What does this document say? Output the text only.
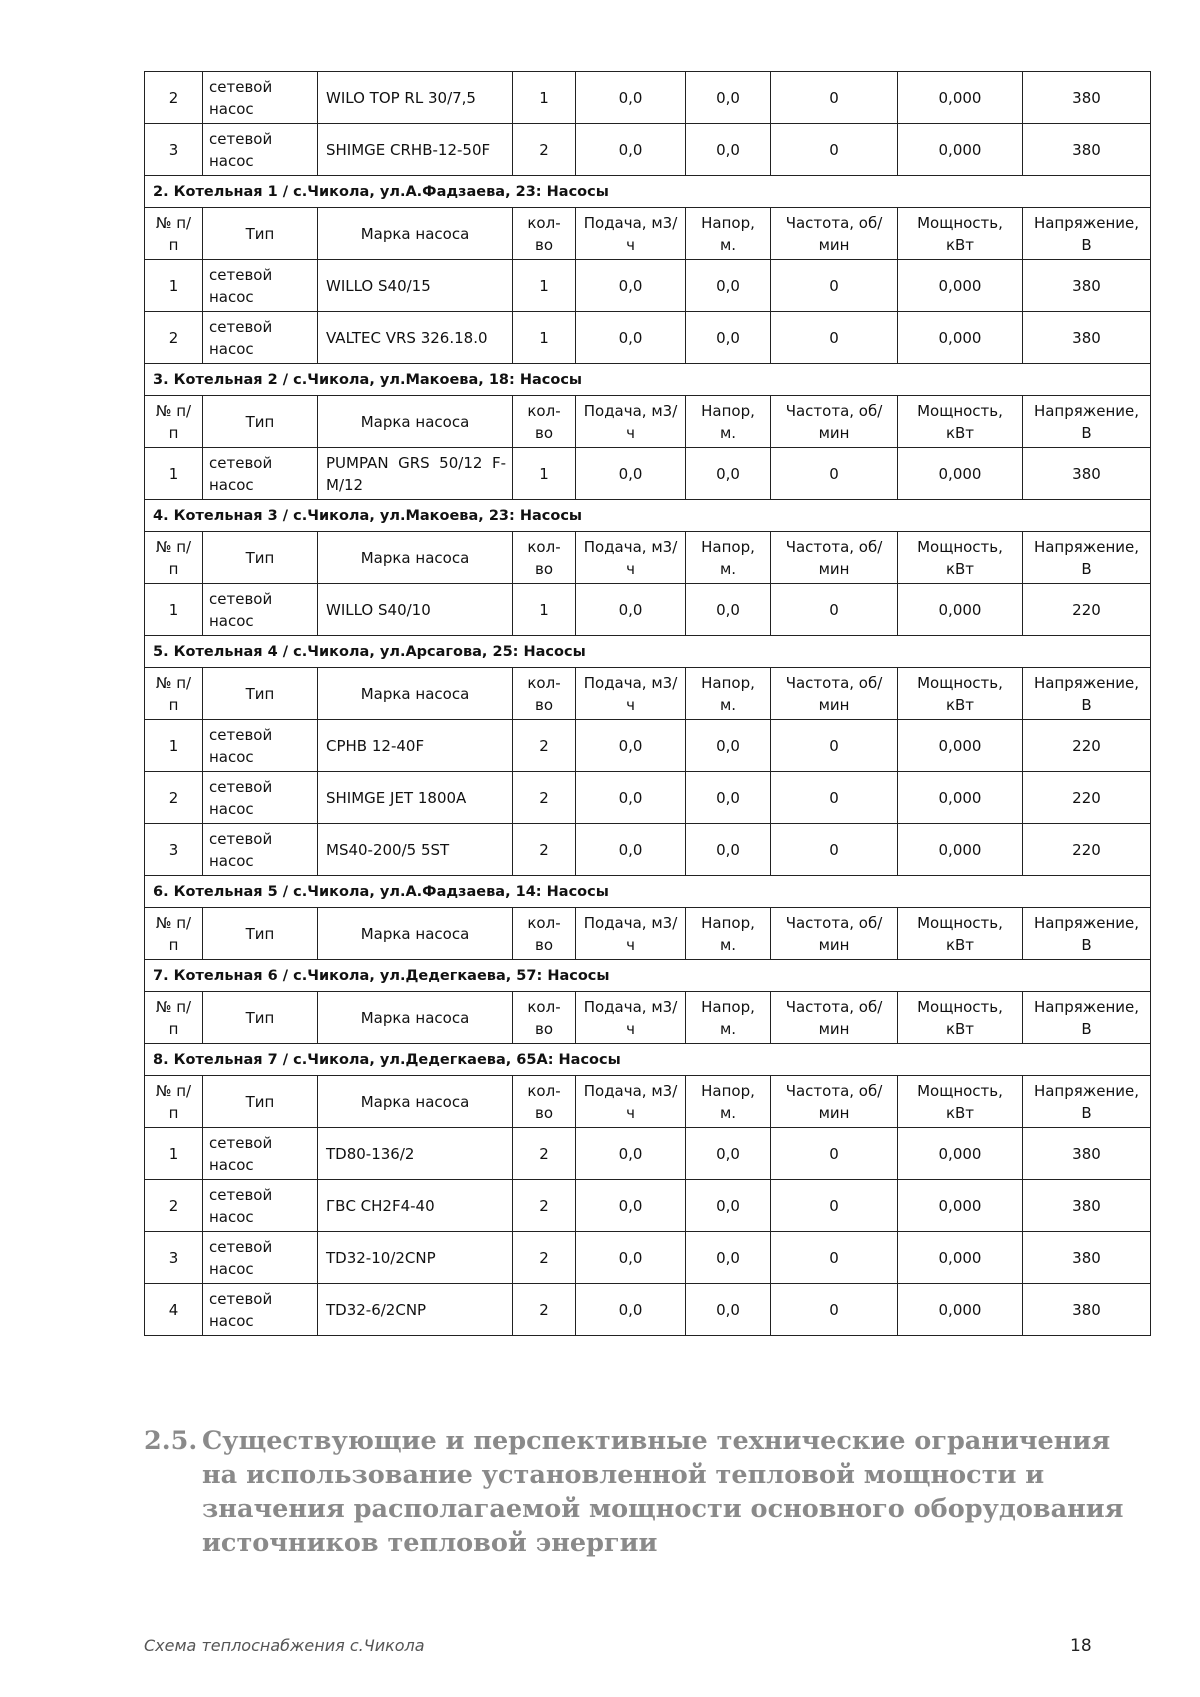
2	сетевой насос	WILO TOP RL 30/7,5	1	0,0	0,0	0	0,000	380
3	сетевой насос	SHIMGE CRHB-12-50F	2	0,0	0,0	0	0,000	380
2. Котельная 1 / с.Чикола, ул.А.Фадзаева, 23: Насосы								
№ п/п	Тип	Марка насоса	кол-во	Подача, м3/ч	Напор, м.	Частота, об/мин	Мощность, кВт	Напряжение, В
1	сетевой насос	WILLO S40/15	1	0,0	0,0	0	0,000	380
2	сетевой насос	VALTEC VRS 326.18.0	1	0,0	0,0	0	0,000	380
3. Котельная 2 / с.Чикола, ул.Макоева, 18: Насосы								
№ п/п	Тип	Марка насоса	кол-во	Подача, м3/ч	Напор, м.	Частота, об/мин	Мощность, кВт	Напряжение, В
1	сетевой насос	PUMPAN GRS 50/12 F-M/12	1	0,0	0,0	0	0,000	380
4. Котельная 3 / с.Чикола, ул.Макоева, 23: Насосы								
№ п/п	Тип	Марка насоса	кол-во	Подача, м3/ч	Напор, м.	Частота, об/мин	Мощность, кВт	Напряжение, В
1	сетевой насос	WILLO S40/10	1	0,0	0,0	0	0,000	220
5. Котельная 4 / с.Чикола, ул.Арсагова, 25: Насосы								
№ п/п	Тип	Марка насоса	кол-во	Подача, м3/ч	Напор, м.	Частота, об/мин	Мощность, кВт	Напряжение, В
1	сетевой насос	CPHB 12-40F	2	0,0	0,0	0	0,000	220
2	сетевой насос	SHIMGE JET 1800A	2	0,0	0,0	0	0,000	220
3	сетевой насос	MS40-200/5 5ST	2	0,0	0,0	0	0,000	220
6. Котельная 5 / с.Чикола, ул.А.Фадзаева, 14: Насосы								
№ п/п	Тип	Марка насоса	кол-во	Подача, м3/ч	Напор, м.	Частота, об/мин	Мощность, кВт	Напряжение, В
7. Котельная 6 / с.Чикола, ул.Дедегкаева, 57: Насосы								
№ п/п	Тип	Марка насоса	кол-во	Подача, м3/ч	Напор, м.	Частота, об/мин	Мощность, кВт	Напряжение, В
8. Котельная 7 / с.Чикола, ул.Дедегкаева, 65А: Насосы								
№ п/п	Тип	Марка насоса	кол-во	Подача, м3/ч	Напор, м.	Частота, об/мин	Мощность, кВт	Напряжение, В
1	сетевой насос	TD80-136/2	2	0,0	0,0	0	0,000	380
2	сетевой насос	ГВС CH2F4-40	2	0,0	0,0	0	0,000	380
3	сетевой насос	TD32-10/2CNP	2	0,0	0,0	0	0,000	380
4	сетевой насос	TD32-6/2CNP	2	0,0	0,0	0	0,000	380
2.5. Существующие и перспективные технические ограничения на использование установленной тепловой мощности и значения располагаемой мощности основного оборудования источников тепловой энергии
Схема теплоснабжения с.Чикола	18
